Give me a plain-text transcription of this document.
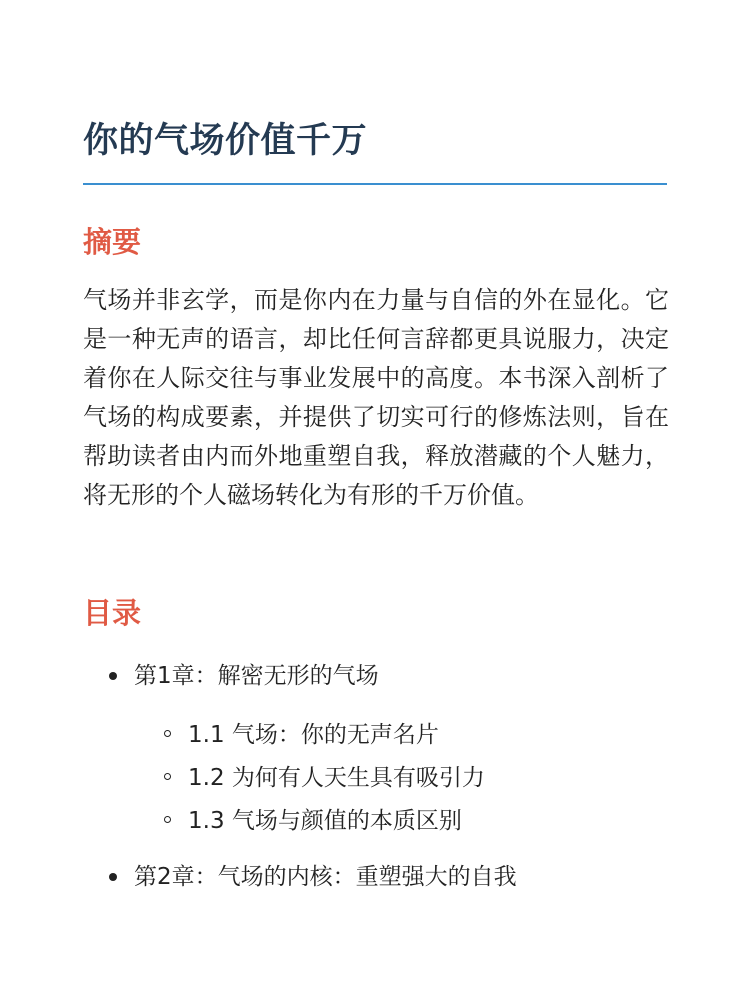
你的气场价值千万
摘要

气场并非玄学，而是你内在力量与自信的外在显化。它是一种无声的语言，却比任何言辞都更具说服力，决定着你在人际交往与事业发展中的高度。本书深入剖析了气场的构成要素，并提供了切实可行的修炼法则，旨在帮助读者由内而外地重塑自我，释放潜藏的个人魅力，将无形的个人磁场转化为有形的千万价值。

目录
第1章：解密无形的气场
1.1 气场：你的无声名片
1.2 为何有人天生具有吸引力
1.3 气场与颜值的本质区别
第2章：气场的内核：重塑强大的自我
